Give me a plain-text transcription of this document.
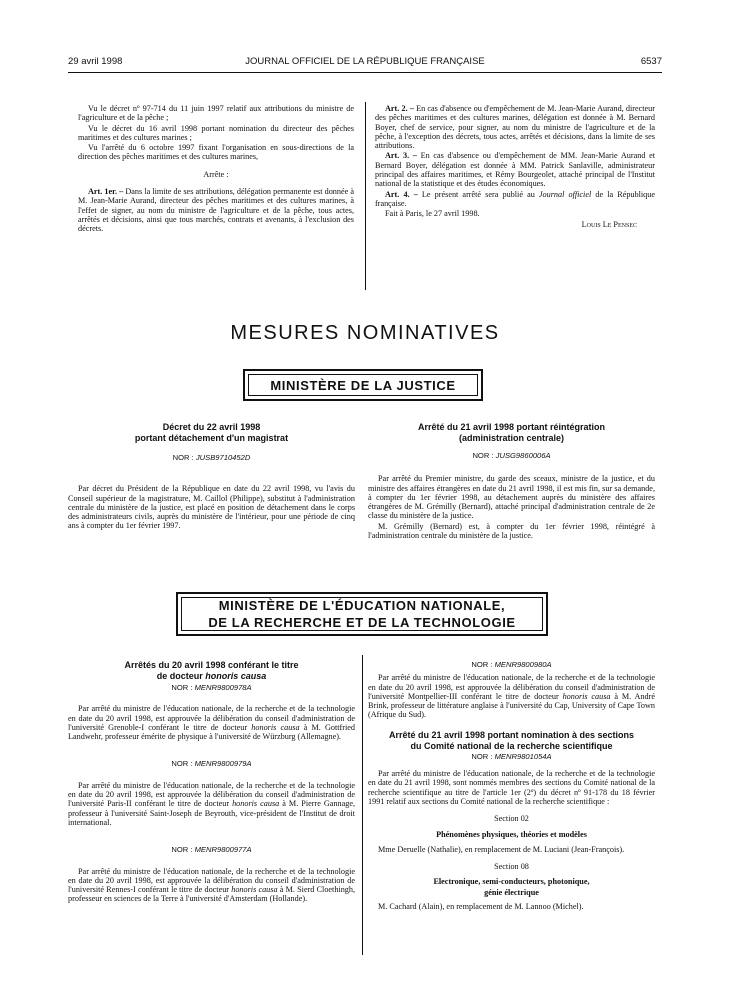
29 avril 1998	JOURNAL OFFICIEL DE LA RÉPUBLIQUE FRANÇAISE	6537

Vu le décret nº 97-714 du 11 juin 1997 relatif aux attributions du ministre de l'agriculture et de la pêche ;

Vu le décret du 16 avril 1998 portant nomination du directeur des pêches maritimes et des cultures marines ;

Vu l'arrêté du 6 octobre 1997 fixant l'organisation en sous-directions de la direction des pêches maritimes et des cultures marines,

Arrête :

Art. 1er. – Dans la limite de ses attributions, délégation permanente est donnée à M. Jean-Marie Aurand, directeur des pêches maritimes et des cultures marines, à l'effet de signer, au nom du ministre de l'agriculture et de la pêche, tous actes, arrêtés et décisions, ainsi que tous marchés, contrats et avenants, à l'exclusion des décrets.

Art. 2. – En cas d'absence ou d'empêchement de M. Jean-Marie Aurand, directeur des pêches maritimes et des cultures marines, délégation est donnée à M. Bernard Boyer, chef de service, pour signer, au nom du ministre de l'agriculture et de la pêche, à l'exception des décrets, tous actes, arrêtés et décisions, dans la limite de ses attributions.

Art. 3. – En cas d'absence ou d'empêchement de MM. Jean-Marie Aurand et Bernard Boyer, délégation est donnée à MM. Patrick Sanlaville, administrateur principal des affaires maritimes, et Rémy Bourgeolet, attaché principal de l'Institut national de la statistique et des études économiques.

Art. 4. – Le présent arrêté sera publié au Journal officiel de la République française.

Fait à Paris, le 27 avril 1998.

Louis Le Pensec

MESURES NOMINATIVES
MINISTÈRE DE LA JUSTICE

Décret du 22 avril 1998

portant détachement d'un magistrat

NOR : JUSB9710452D

Par décret du Président de la République en date du 22 avril 1998, vu l'avis du Conseil supérieur de la magistrature, M. Caillol (Philippe), substitut à l'administration centrale du ministère de la justice, est placé en position de détachement dans le corps des administrateurs civils, auprès du ministère de l'intérieur, pour une période de cinq ans à compter du 1er février 1997.

Arrêté du 21 avril 1998 portant réintégration

(administration centrale)

NOR : JUSG9860006A

Par arrêté du Premier ministre, du garde des sceaux, ministre de la justice, et du ministre des affaires étrangères en date du 21 avril 1998, il est mis fin, sur sa demande, à compter du 1er février 1998, au détachement auprès du ministère des affaires étrangères de M. Grémilly (Bernard), attaché principal d'administration centrale de 2e classe du ministère de la justice.

M. Grémilly (Bernard) est, à compter du 1er février 1998, réintégré à l'administration centrale du ministère de la justice.

MINISTÈRE DE L'ÉDUCATION NATIONALE,
DE LA RECHERCHE ET DE LA TECHNOLOGIE

Arrêtés du 20 avril 1998 conférant le titre

de docteur honoris causa

NOR : MENR9800978A

Par arrêté du ministre de l'éducation nationale, de la recherche et de la technologie en date du 20 avril 1998, est approuvée la délibération du conseil d'administration de l'université Grenoble-I conférant le titre de docteur honoris causa à M. Gottfried Landwehr, professeur émérite de physique à l'université de Würzburg (Allemagne).

NOR : MENR9800979A

Par arrêté du ministre de l'éducation nationale, de la recherche et de la technologie en date du 20 avril 1998, est approuvée la délibération du conseil d'administration de l'université Paris-II conférant le titre de docteur honoris causa à M. Pierre Gannage, professeur à l'université Saint-Joseph de Beyrouth, vice-président de l'Institut de droit international.

NOR : MENR9800977A

Par arrêté du ministre de l'éducation nationale, de la recherche et de la technologie en date du 20 avril 1998, est approuvée la délibération du conseil d'administration de l'université Rennes-I conférant le titre de docteur honoris causa à M. Sierd Cloethingh, professeur en sciences de la Terre à l'université d'Amsterdam (Hollande).

NOR : MENR9800980A

Par arrêté du ministre de l'éducation nationale, de la recherche et de la technologie en date du 20 avril 1998, est approuvée la délibération du conseil d'administration de l'université Montpellier-III conférant le titre de docteur honoris causa à M. André Brink, professeur de littérature anglaise à l'université du Cap, University of Cape Town (Afrique du Sud).

Arrêté du 21 avril 1998 portant nomination à des sections

du Comité national de la recherche scientifique

NOR : MENR9801054A

Par arrêté du ministre de l'éducation nationale, de la recherche et de la technologie en date du 21 avril 1998, sont nommés membres des sections du Comité national de la recherche scientifique au titre de l'article 1er (2º) du décret nº 91-178 du 18 février 1991 relatif aux sections du Comité national de la recherche scientifique :

Section 02

Phénomènes physiques, théories et modèles

Mme Deruelle (Nathalie), en remplacement de M. Luciani (Jean-François).

Section 08

Electronique, semi-conducteurs, photonique,

génie électrique

M. Cachard (Alain), en remplacement de M. Lannoo (Michel).
